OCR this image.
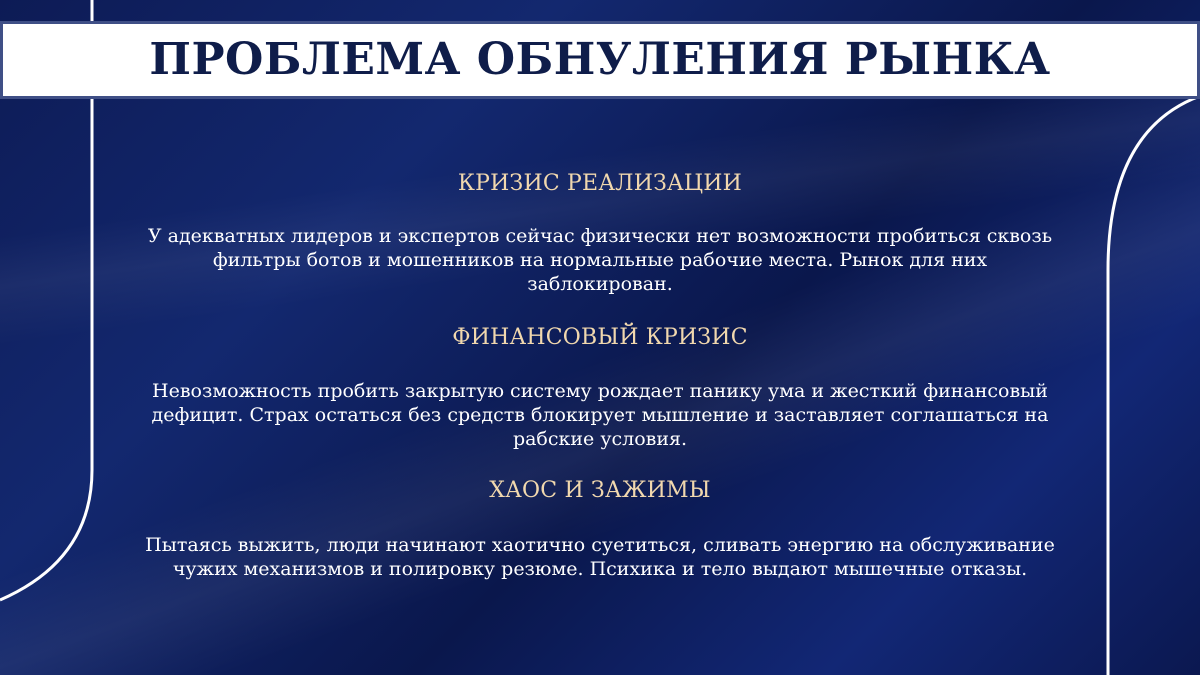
ПРОБЛЕМА ОБНУЛЕНИЯ РЫНКА
КРИЗИС РЕАЛИЗАЦИИ

У адекватных лидеров и экспертов сейчас физически нет возможности пробиться сквозь фильтры ботов и мошенников на нормальные рабочие места. Рынок для них заблокирован.

ФИНАНСОВЫЙ КРИЗИС

Невозможность пробить закрытую систему рождает панику ума и жесткий финансовый дефицит. Страх остаться без средств блокирует мышление и заставляет соглашаться на рабские условия.

ХАОС И ЗАЖИМЫ

Пытаясь выжить, люди начинают хаотично суетиться, сливать энергию на обслуживание чужих механизмов и полировку резюме. Психика и тело выдают мышечные отказы.
